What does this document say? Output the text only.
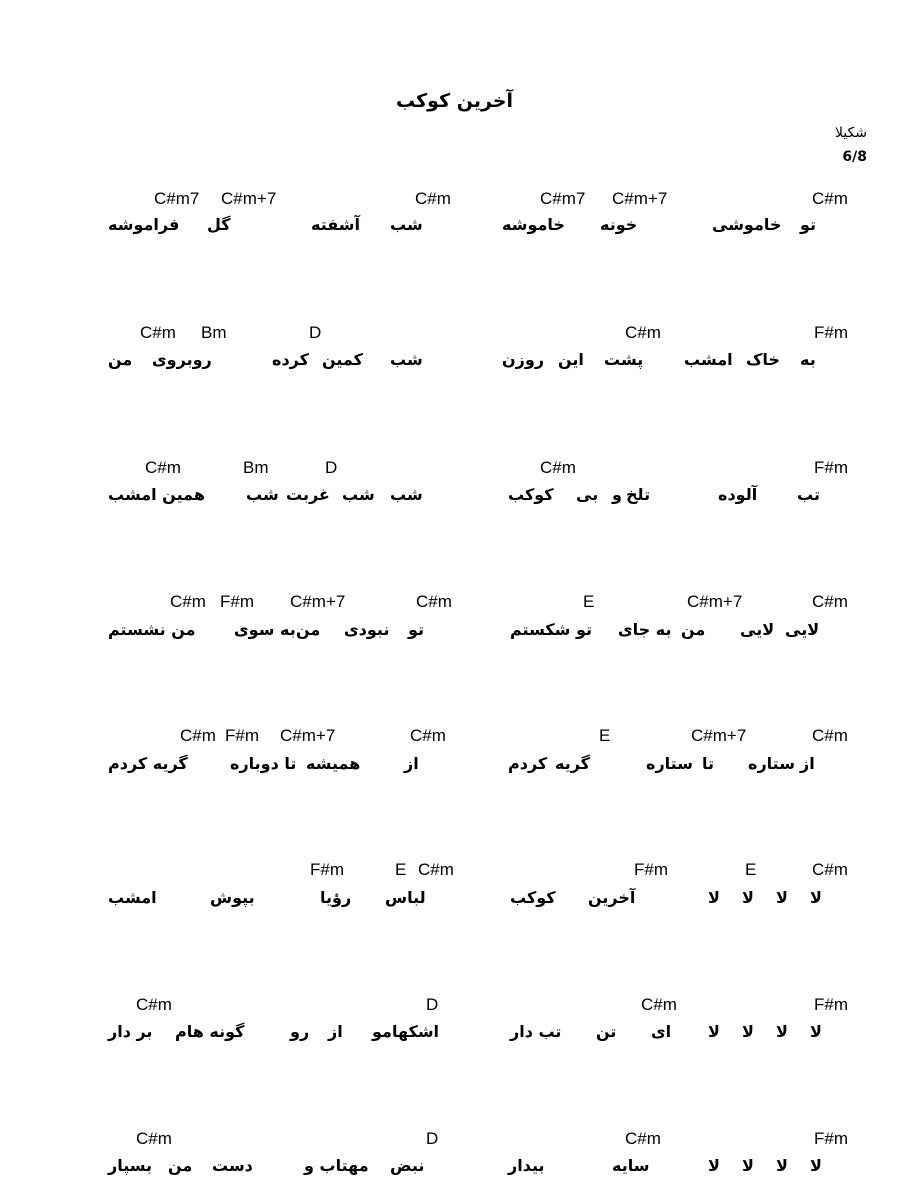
آخرین کوکب
شکیلا
6/8
C#m7 C#m+7	C#m	C#m7 C#m+7	C#m
تو
خاموشی
خونه
خاموشه
شب
آشفته
گل
فراموشه
C#m Bm	D	C#m	F#m
به
خاک
امشب
پشت
این
روزن
شب
کمین
کرده
روبروی
من
C#m	Bm	D	C#m	F#m
تب
آلوده
تلخ
و
بی
کوکب
شب
شب
غربت
شب
همین امشب
C#m F#m C#m+7	C#m	E	C#m+7	C#m
لایی
لایی
من
به جای
تو شکستم
تو
نبودی
من
به سوی
من نشستم
C#m F#m C#m+7	C#m	E	C#m+7	C#m
از
ستاره
تا
ستاره
گریه
کردم
از
همیشه
تا دوباره
گریه کردم
F#m	E C#m	F#m	E	C#m
لا
لا
لا
لا
آخرین
کوکب
لباس
رؤیا
بپوش
امشب
C#m	D	C#m	F#m
لا
لا
لا
لا
ای
تن
تب دار
اشکهامو
از
رو
گونه هام
بر دار
C#m	D	C#m	F#m
لا
لا
لا
لا
سایه
بیدار
نبض
مهتاب و
دست
من
بسپار
